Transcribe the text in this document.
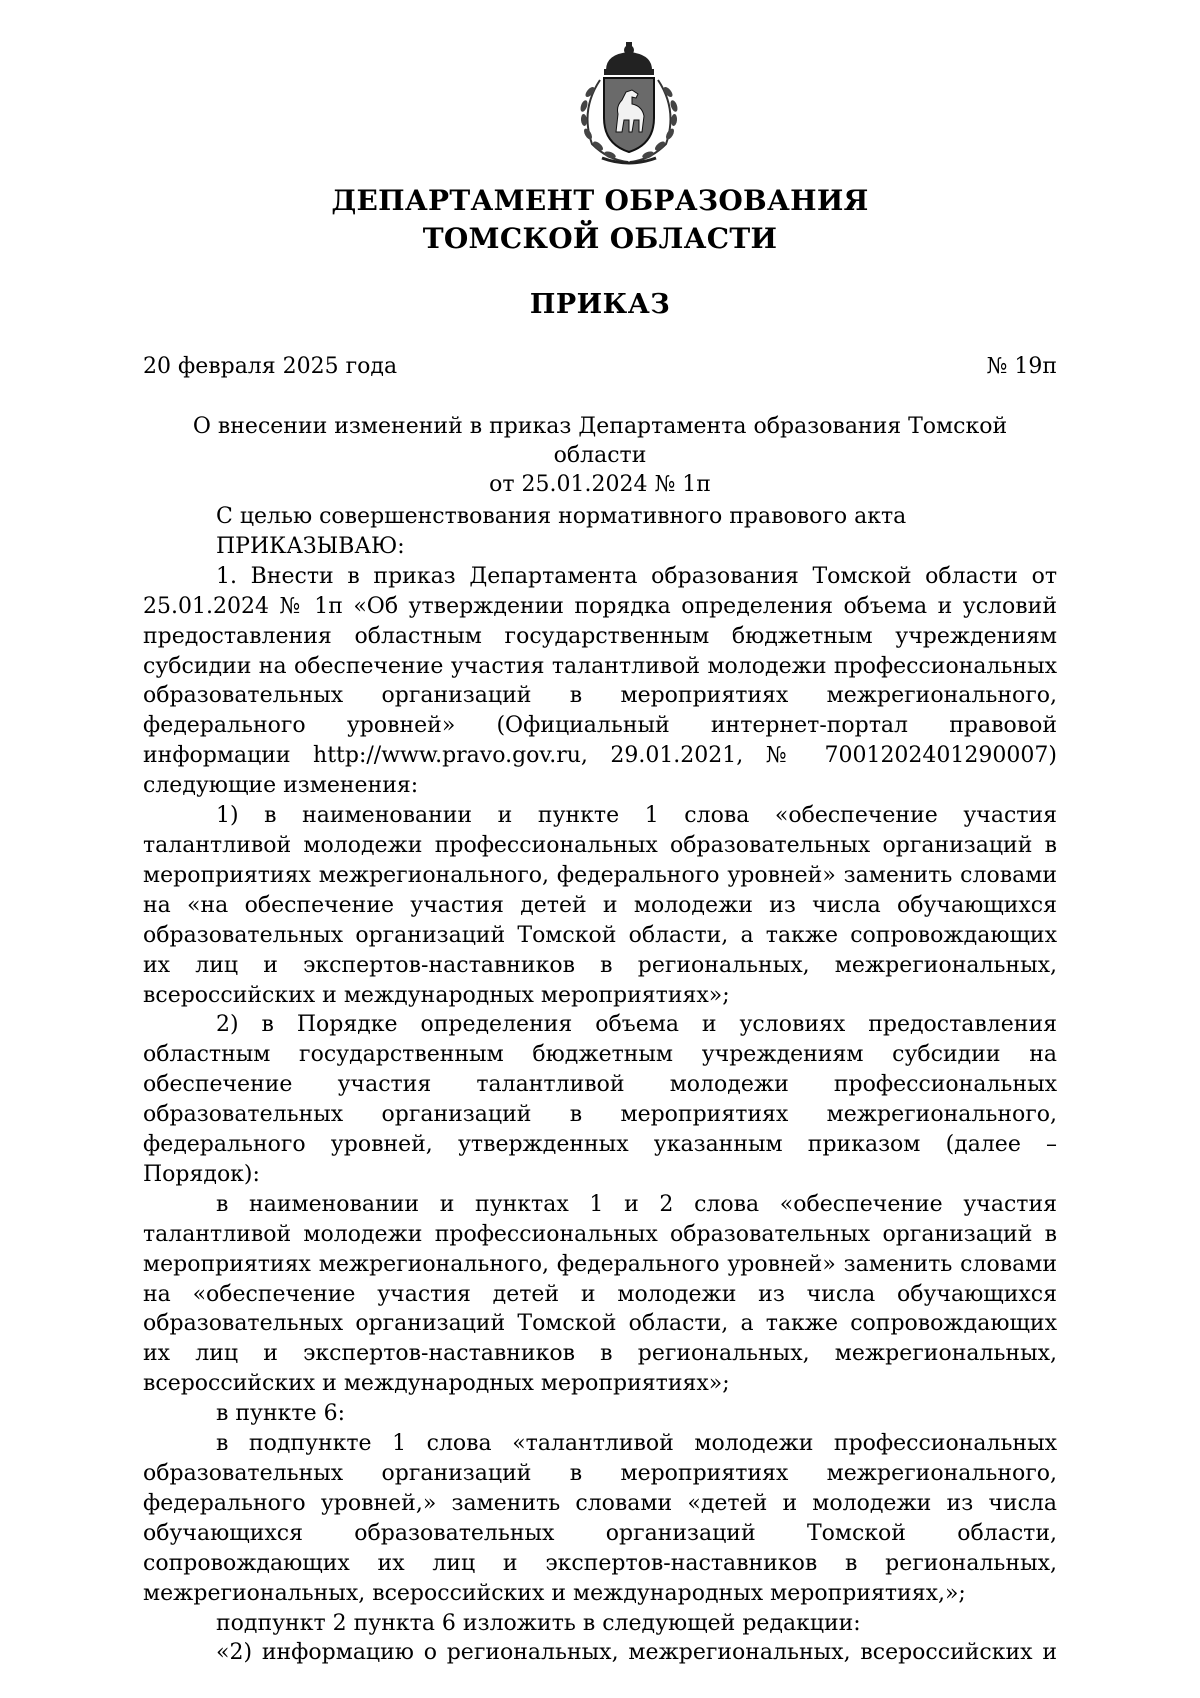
ДЕПАРТАМЕНТ ОБРАЗОВАНИЯ
ТОМСКОЙ ОБЛАСТИ
ПРИКАЗ
20 февраля 2025 года	№ 19п
О внесении изменений в приказ Департамента образования Томской области
от 25.01.2024 № 1п

С целью совершенствования нормативного правового акта

ПРИКАЗЫВАЮ:

1. Внести в приказ Департамента образования Томской области от 25.01.2024 № 1п «Об утверждении порядка определения объема и условий предоставления областным государственным бюджетным учреждениям субсидии на обеспечение участия талантливой молодежи профессиональных образовательных организаций в мероприятиях межрегионального, федерального уровней» (Официальный интернет-портал правовой информации http://www.pravo.gov.ru, 29.01.2021, № 7001202401290007) следующие изменения:

1) в наименовании и пункте 1 слова «обеспечение участия талантливой молодежи профессиональных образовательных организаций в мероприятиях межрегионального, федерального уровней» заменить словами на «на обеспечение участия детей и молодежи из числа обучающихся образовательных организаций Томской области, а также сопровождающих их лиц и экспертов-наставников в региональных, межрегиональных, всероссийских и международных мероприятиях»;

2) в Порядке определения объема и условиях предоставления областным государственным бюджетным учреждениям субсидии на обеспечение участия талантливой молодежи профессиональных образовательных организаций в мероприятиях межрегионального, федерального уровней, утвержденных указанным приказом (далее – Порядок):

в наименовании и пунктах 1 и 2 слова «обеспечение участия талантливой молодежи профессиональных образовательных организаций в мероприятиях межрегионального, федерального уровней» заменить словами на «обеспечение участия детей и молодежи из числа обучающихся образовательных организаций Томской области, а также сопровождающих их лиц и экспертов-наставников в региональных, межрегиональных, всероссийских и международных мероприятиях»;

в пункте 6:

в подпункте 1 слова «талантливой молодежи профессиональных образовательных организаций в мероприятиях межрегионального, федерального уровней,» заменить словами «детей и молодежи из числа обучающихся образовательных организаций Томской области, сопровождающих их лиц и экспертов-наставников в региональных, межрегиональных, всероссийских и международных мероприятиях,»;

подпункт 2 пункта 6 изложить в следующей редакции:

«2) информацию о региональных, межрегиональных, всероссийских и
